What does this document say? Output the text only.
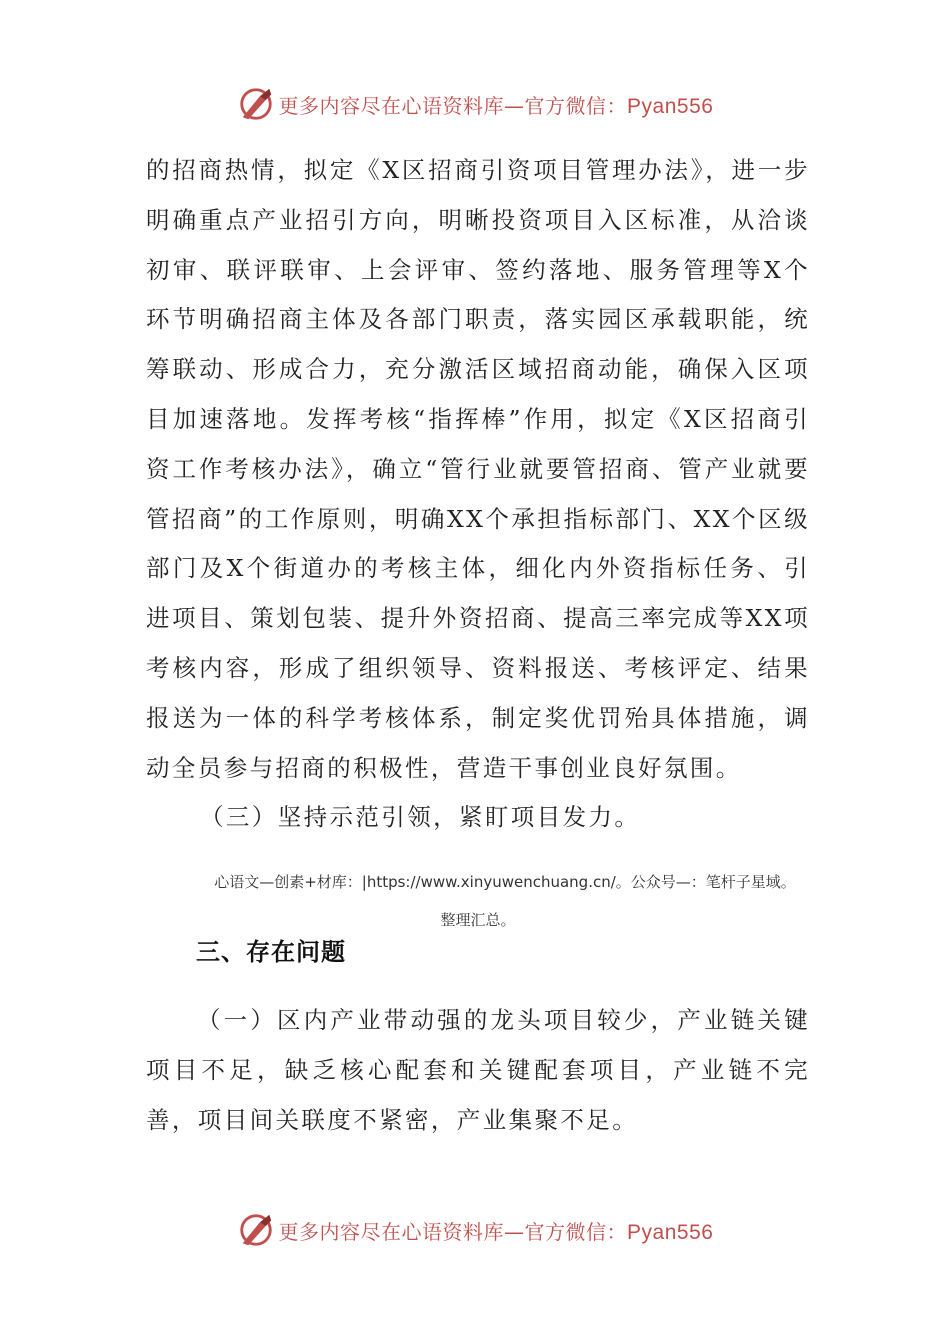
更多内容尽在心语资料库—官方微信：Pyan556

的招商热情，拟定《X区招商引资项目管理办法》，进一步明确重点产业招引方向，明晰投资项目入区标准，从洽谈初审、联评联审、上会评审、签约落地、服务管理等X个环节明确招商主体及各部门职责，落实园区承载职能，统筹联动、形成合力，充分激活区域招商动能，确保入区项目加速落地。发挥考核“指挥棒”作用，拟定《X区招商引资工作考核办法》，确立“管行业就要管招商、管产业就要管招商”的工作原则，明确XX个承担指标部门、XX个区级部门及X个街道办的考核主体，细化内外资指标任务、引进项目、策划包装、提升外资招商、提高三率完成等XX项考核内容，形成了组织领导、资料报送、考核评定、结果报送为一体的科学考核体系，制定奖优罚殆具体措施，调动全员参与招商的积极性，营造干事创业良好氛围。

（三）坚持示范引领，紧盯项目发力。

心语文—创素+材库：|https://www.xinyuwenchuang.cn/。公众号—：笔杆子星域。

整理汇总。

三、存在问题

（一）区内产业带动强的龙头项目较少，产业链关键项目不足，缺乏核心配套和关键配套项目，产业链不完善，项目间关联度不紧密，产业集聚不足。

更多内容尽在心语资料库—官方微信：Pyan556
